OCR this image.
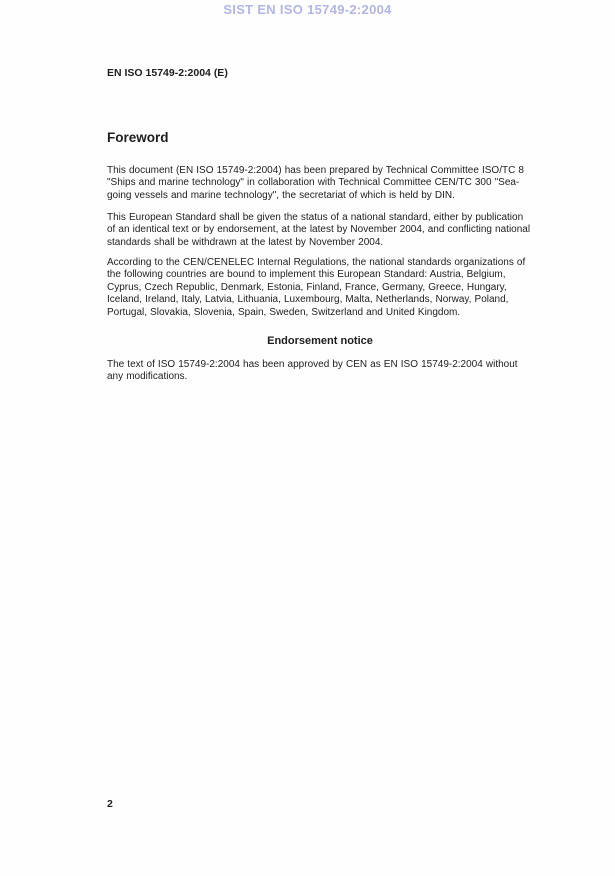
SIST EN ISO 15749-2:2004
EN ISO 15749-2:2004 (E)
Foreword
This document (EN ISO 15749-2:2004) has been prepared by Technical Committee ISO/TC 8 "Ships and marine technology" in collaboration with Technical Committee CEN/TC 300 "Sea-going vessels and marine technology", the secretariat of which is held by DIN.
This European Standard shall be given the status of a national standard, either by publication of an identical text or by endorsement, at the latest by November 2004, and conflicting national standards shall be withdrawn at the latest by November 2004.
According to the CEN/CENELEC Internal Regulations, the national standards organizations of the following countries are bound to implement this European Standard: Austria, Belgium, Cyprus, Czech Republic, Denmark, Estonia, Finland, France, Germany, Greece, Hungary, Iceland, Ireland, Italy, Latvia, Lithuania, Luxembourg, Malta, Netherlands, Norway, Poland, Portugal, Slovakia, Slovenia, Spain, Sweden, Switzerland and United Kingdom.
Endorsement notice
The text of ISO 15749-2:2004 has been approved by CEN as EN ISO 15749-2:2004 without any modifications.
2
